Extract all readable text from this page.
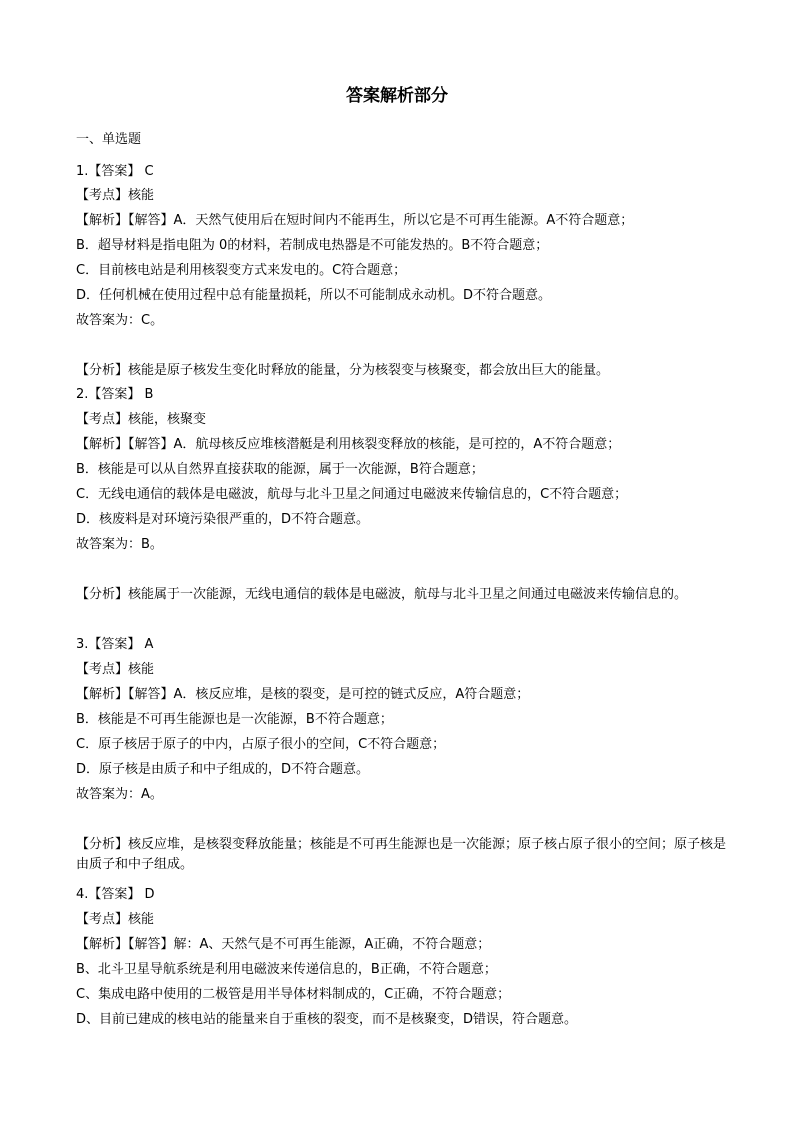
答案解析部分
一、单选题
1.【答案】 C
【考点】核能
【解析】【解答】A．天然气使用后在短时间内不能再生，所以它是不可再生能源。A不符合题意；
B．超导材料是指电阻为 0的材料，若制成电热器是不可能发热的。B不符合题意；
C．目前核电站是利用核裂变方式来发电的。C符合题意；
D．任何机械在使用过程中总有能量损耗，所以不可能制成永动机。D不符合题意。
故答案为：C。
【分析】核能是原子核发生变化时释放的能量，分为核裂变与核聚变，都会放出巨大的能量。
2.【答案】 B
【考点】核能，核聚变
【解析】【解答】A．航母核反应堆核潜艇是利用核裂变释放的核能，是可控的，A不符合题意；
B．核能是可以从自然界直接获取的能源，属于一次能源，B符合题意；
C．无线电通信的载体是电磁波，航母与北斗卫星之间通过电磁波来传输信息的，C不符合题意；
D．核废料是对环境污染很严重的，D不符合题意。
故答案为：B。
【分析】核能属于一次能源，无线电通信的载体是电磁波，航母与北斗卫星之间通过电磁波来传输信息的。
3.【答案】 A
【考点】核能
【解析】【解答】A．核反应堆，是核的裂变，是可控的链式反应，A符合题意；
B．核能是不可再生能源也是一次能源，B不符合题意；
C．原子核居于原子的中内，占原子很小的空间，C不符合题意；
D．原子核是由质子和中子组成的，D不符合题意。
故答案为：A。
【分析】核反应堆，是核裂变释放能量；核能是不可再生能源也是一次能源；原子核占原子很小的空间；原子核是由质子和中子组成。
4.【答案】 D
【考点】核能
【解析】【解答】解：A、天然气是不可再生能源，A正确，不符合题意；
B、北斗卫星导航系统是利用电磁波来传递信息的，B正确，不符合题意；
C、集成电路中使用的二极管是用半导体材料制成的，C正确，不符合题意；
D、目前已建成的核电站的能量来自于重核的裂变，而不是核聚变，D错误，符合题意。
